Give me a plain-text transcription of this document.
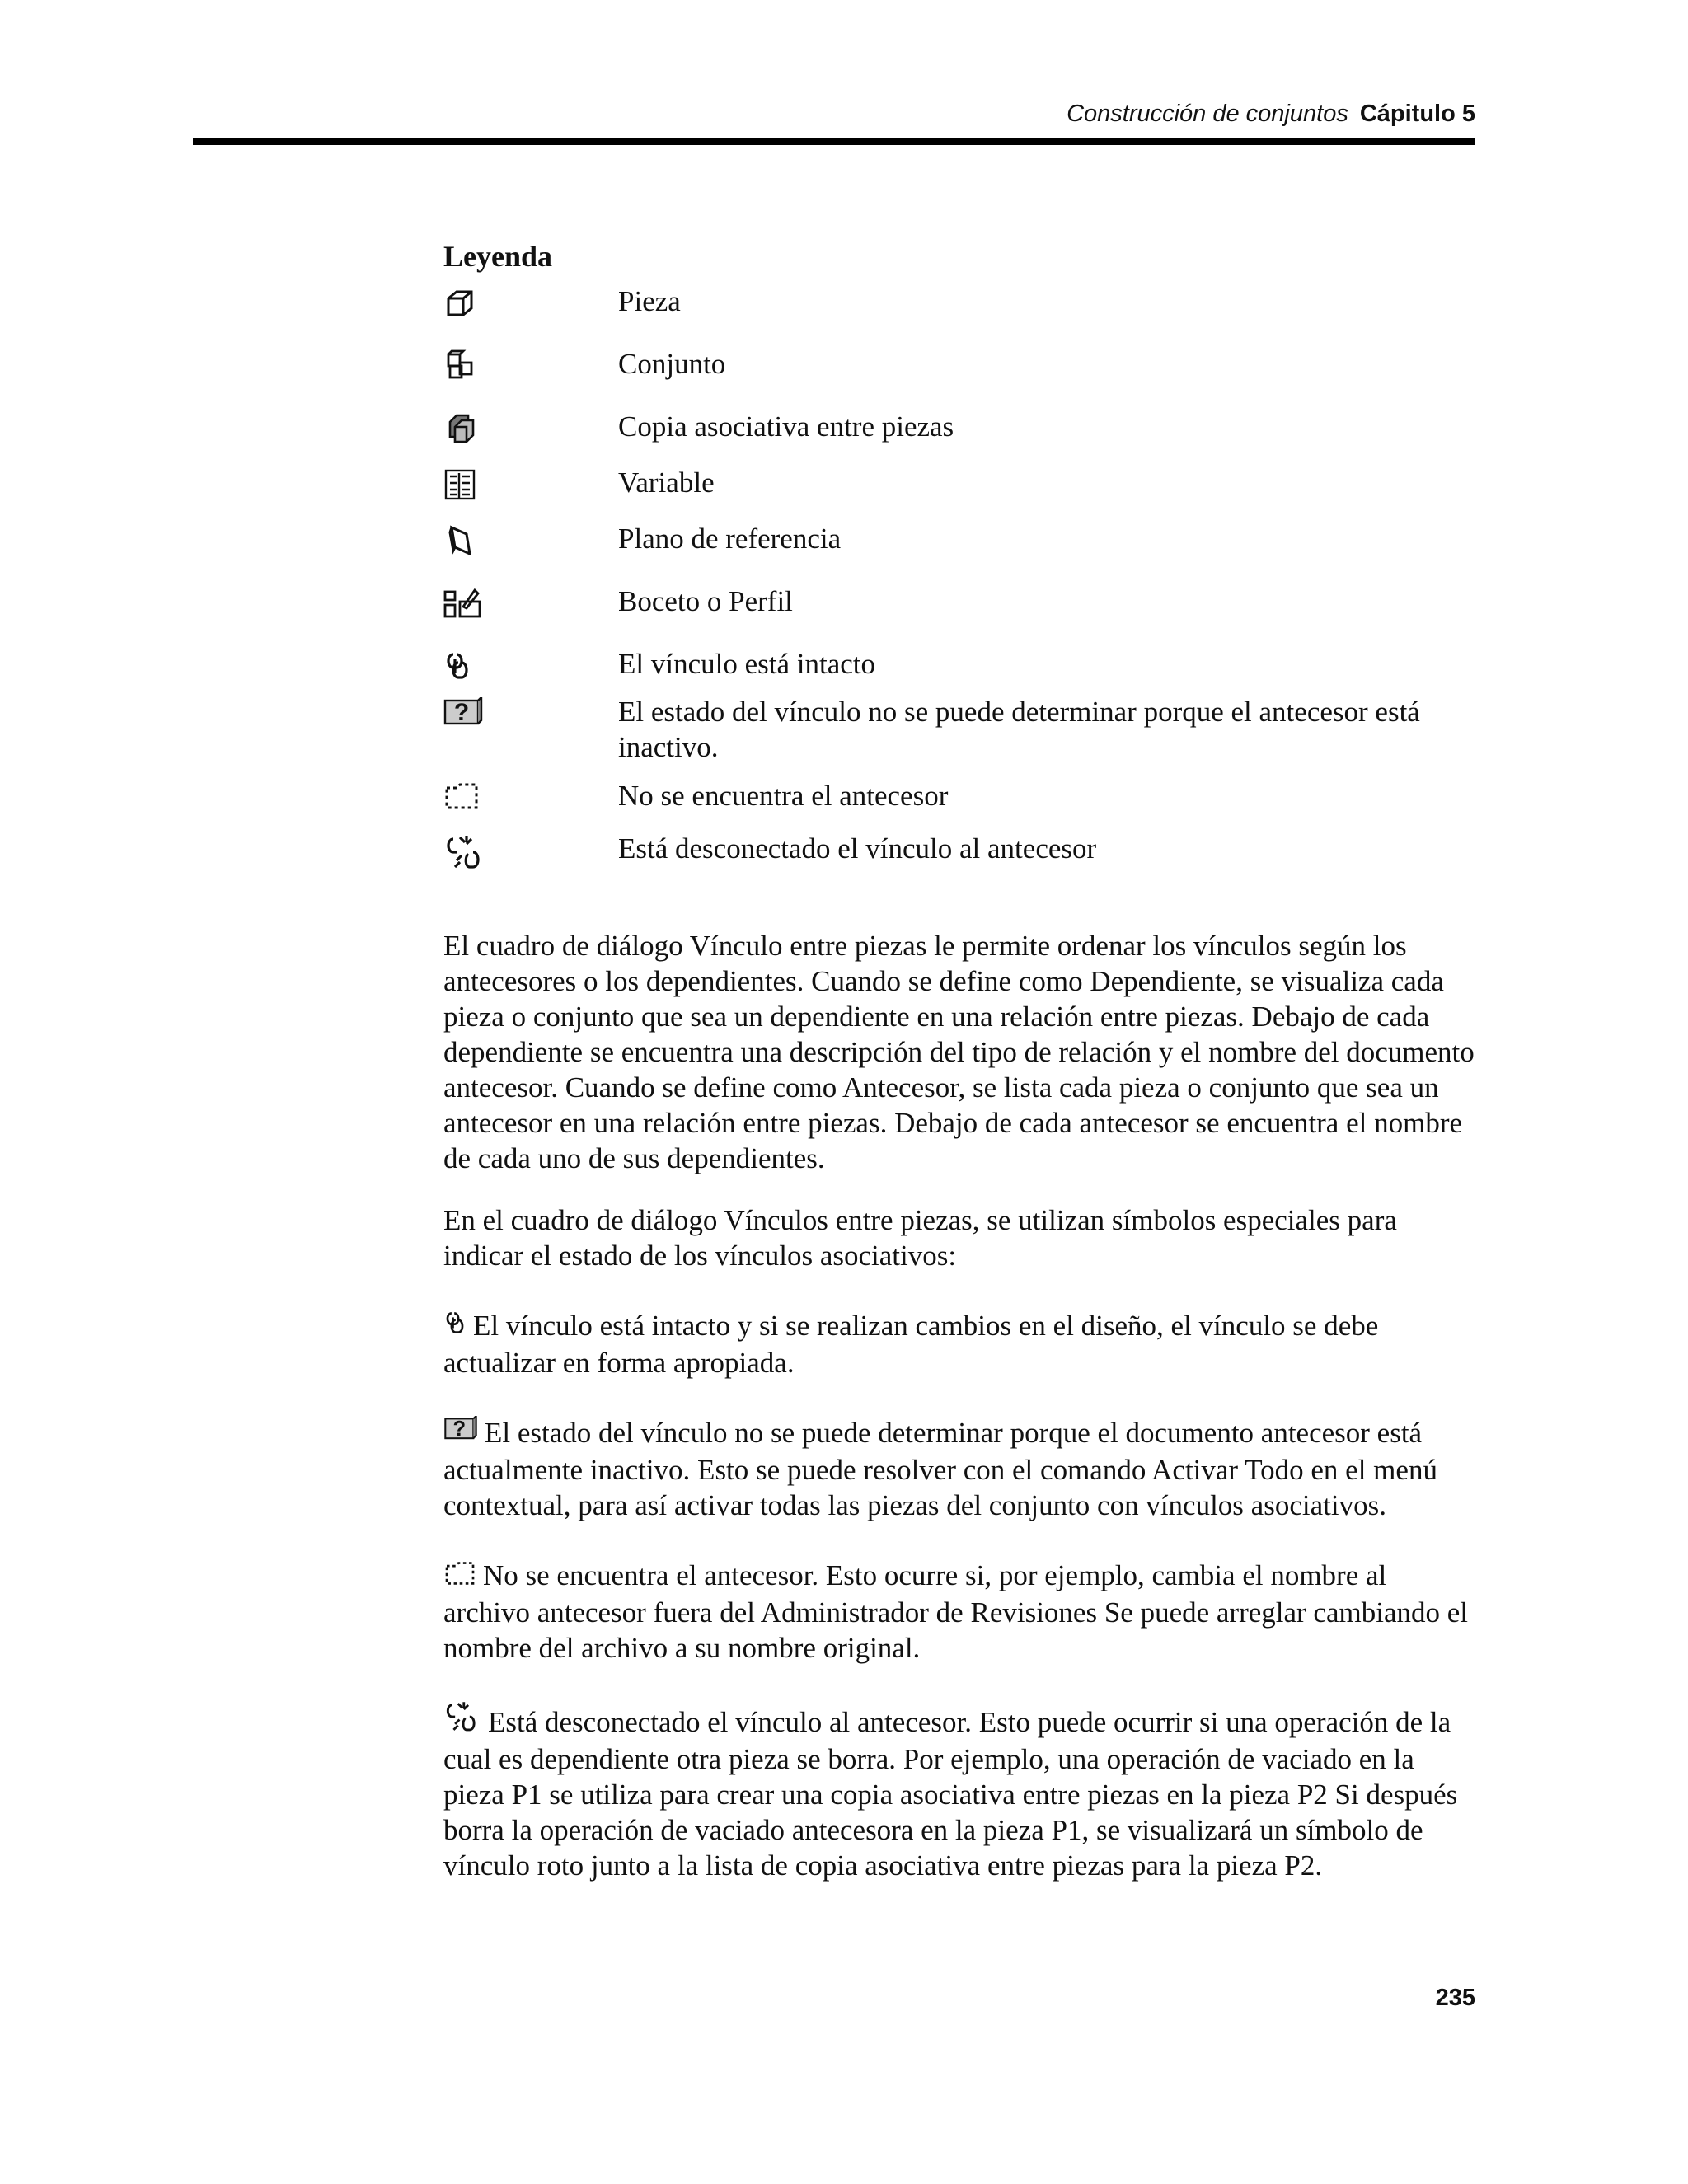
Construcción de conjuntos Cápitulo 5
Leyenda
Pieza
Conjunto
Copia asociativa entre piezas
Variable
Plano de referencia
Boceto o Perfil
El vínculo está intacto
?	El estado del vínculo no se puede determinar porque el antecesor está inactivo.
No se encuentra el antecesor
Está desconectado el vínculo al antecesor

El cuadro de diálogo Vínculo entre piezas le permite ordenar los vínculos según los antecesores o los dependientes. Cuando se define como Dependiente, se visualiza cada pieza o conjunto que sea un dependiente en una relación entre piezas. Debajo de cada dependiente se encuentra una descripción del tipo de relación y el nombre del documento antecesor. Cuando se define como Antecesor, se lista cada pieza o conjunto que sea un antecesor en una relación entre piezas. Debajo de cada antecesor se encuentra el nombre de cada uno de sus dependientes.

En el cuadro de diálogo Vínculos entre piezas, se utilizan símbolos especiales para indicar el estado de los vínculos asociativos:

El vínculo está intacto y si se realizan cambios en el diseño, el vínculo se debe actualizar en forma apropiada.

? El estado del vínculo no se puede determinar porque el documento antecesor está actualmente inactivo. Esto se puede resolver con el comando Activar Todo en el menú contextual, para así activar todas las piezas del conjunto con vínculos asociativos.

No se encuentra el antecesor. Esto ocurre si, por ejemplo, cambia el nombre al archivo antecesor fuera del Administrador de Revisiones Se puede arreglar cambiando el nombre del archivo a su nombre original.

Está desconectado el vínculo al antecesor. Esto puede ocurrir si una operación de la cual es dependiente otra pieza se borra. Por ejemplo, una operación de vaciado en la pieza P1 se utiliza para crear una copia asociativa entre piezas en la pieza P2 Si después borra la operación de vaciado antecesora en la pieza P1, se visualizará un símbolo de vínculo roto junto a la lista de copia asociativa entre piezas para la pieza P2.

235
